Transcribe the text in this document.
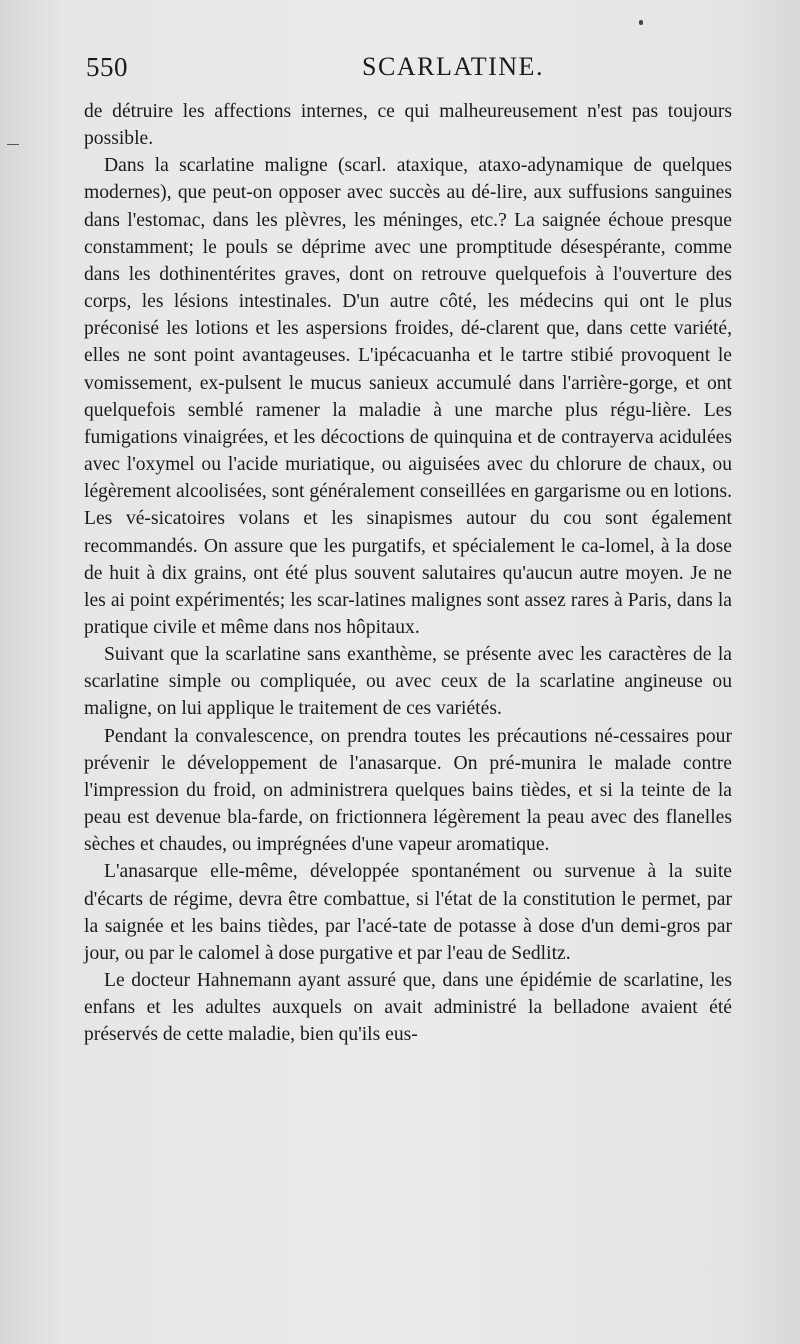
550	SCARLATINE.

de détruire les affections internes, ce qui malheureusement n'est pas toujours possible.

Dans la scarlatine maligne (scarl. ataxique, ataxo-adynamique de quelques modernes), que peut-on opposer avec succès au dé-lire, aux suffusions sanguines dans l'estomac, dans les plèvres, les méninges, etc.? La saignée échoue presque constamment; le pouls se déprime avec une promptitude désespérante, comme dans les dothinentérites graves, dont on retrouve quelquefois à l'ouverture des corps, les lésions intestinales. D'un autre côté, les médecins qui ont le plus préconisé les lotions et les aspersions froides, dé-clarent que, dans cette variété, elles ne sont point avantageuses. L'ipécacuanha et le tartre stibié provoquent le vomissement, ex-pulsent le mucus sanieux accumulé dans l'arrière-gorge, et ont quelquefois semblé ramener la maladie à une marche plus régu-lière. Les fumigations vinaigrées, et les décoctions de quinquina et de contrayerva acidulées avec l'oxymel ou l'acide muriatique, ou aiguisées avec du chlorure de chaux, ou légèrement alcoolisées, sont généralement conseillées en gargarisme ou en lotions. Les vé-sicatoires volans et les sinapismes autour du cou sont également recommandés. On assure que les purgatifs, et spécialement le ca-lomel, à la dose de huit à dix grains, ont été plus souvent salutaires qu'aucun autre moyen. Je ne les ai point expérimentés; les scar-latines malignes sont assez rares à Paris, dans la pratique civile et même dans nos hôpitaux.

Suivant que la scarlatine sans exanthème, se présente avec les caractères de la scarlatine simple ou compliquée, ou avec ceux de la scarlatine angineuse ou maligne, on lui applique le traitement de ces variétés.

Pendant la convalescence, on prendra toutes les précautions né-cessaires pour prévenir le développement de l'anasarque. On pré-munira le malade contre l'impression du froid, on administrera quelques bains tièdes, et si la teinte de la peau est devenue bla-farde, on frictionnera légèrement la peau avec des flanelles sèches et chaudes, ou imprégnées d'une vapeur aromatique.

L'anasarque elle-même, développée spontanément ou survenue à la suite d'écarts de régime, devra être combattue, si l'état de la constitution le permet, par la saignée et les bains tièdes, par l'acé-tate de potasse à dose d'un demi-gros par jour, ou par le calomel à dose purgative et par l'eau de Sedlitz.

Le docteur Hahnemann ayant assuré que, dans une épidémie de scarlatine, les enfans et les adultes auxquels on avait administré la belladone avaient été préservés de cette maladie, bien qu'ils eus-
